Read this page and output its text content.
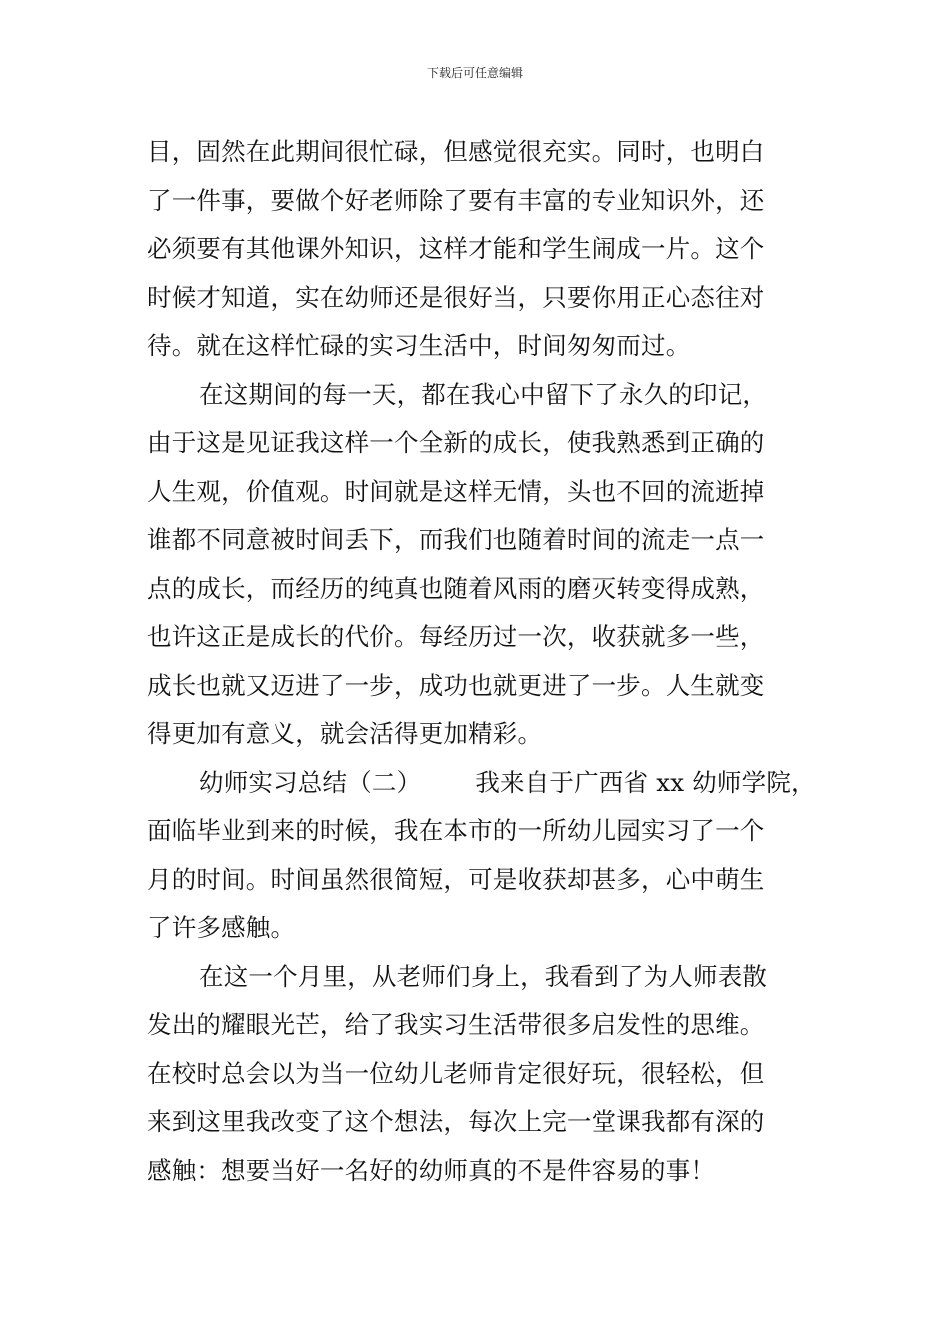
下载后可任意编辑
目，固然在此期间很忙碌，但感觉很充实。同时，也明白
了一件事，要做个好老师除了要有丰富的专业知识外，还
必须要有其他课外知识，这样才能和学生闹成一片。这个
时候才知道，实在幼师还是很好当，只要你用正心态往对
待。就在这样忙碌的实习生活中，时间匆匆而过。
在这期间的每一天，都在我心中留下了永久的印记，
由于这是见证我这样一个全新的成长，使我熟悉到正确的
人生观，价值观。时间就是这样无情，头也不回的流逝掉
谁都不同意被时间丢下，而我们也随着时间的流走一点一
点的成长，而经历的纯真也随着风雨的磨灭转变得成熟，
也许这正是成长的代价。每经历过一次，收获就多一些，
成长也就又迈进了一步，成功也就更进了一步。人生就变
得更加有意义，就会活得更加精彩。
幼师实习总结（二） 我来自于广西省 xx 幼师学院，
面临毕业到来的时候，我在本市的一所幼儿园实习了一个
月的时间。时间虽然很简短，可是收获却甚多，心中萌生
了许多感触。
在这一个月里，从老师们身上，我看到了为人师表散
发出的耀眼光芒，给了我实习生活带很多启发性的思维。
在校时总会以为当一位幼儿老师肯定很好玩，很轻松，但
来到这里我改变了这个想法，每次上完一堂课我都有深的
感触：想要当好一名好的幼师真的不是件容易的事！
